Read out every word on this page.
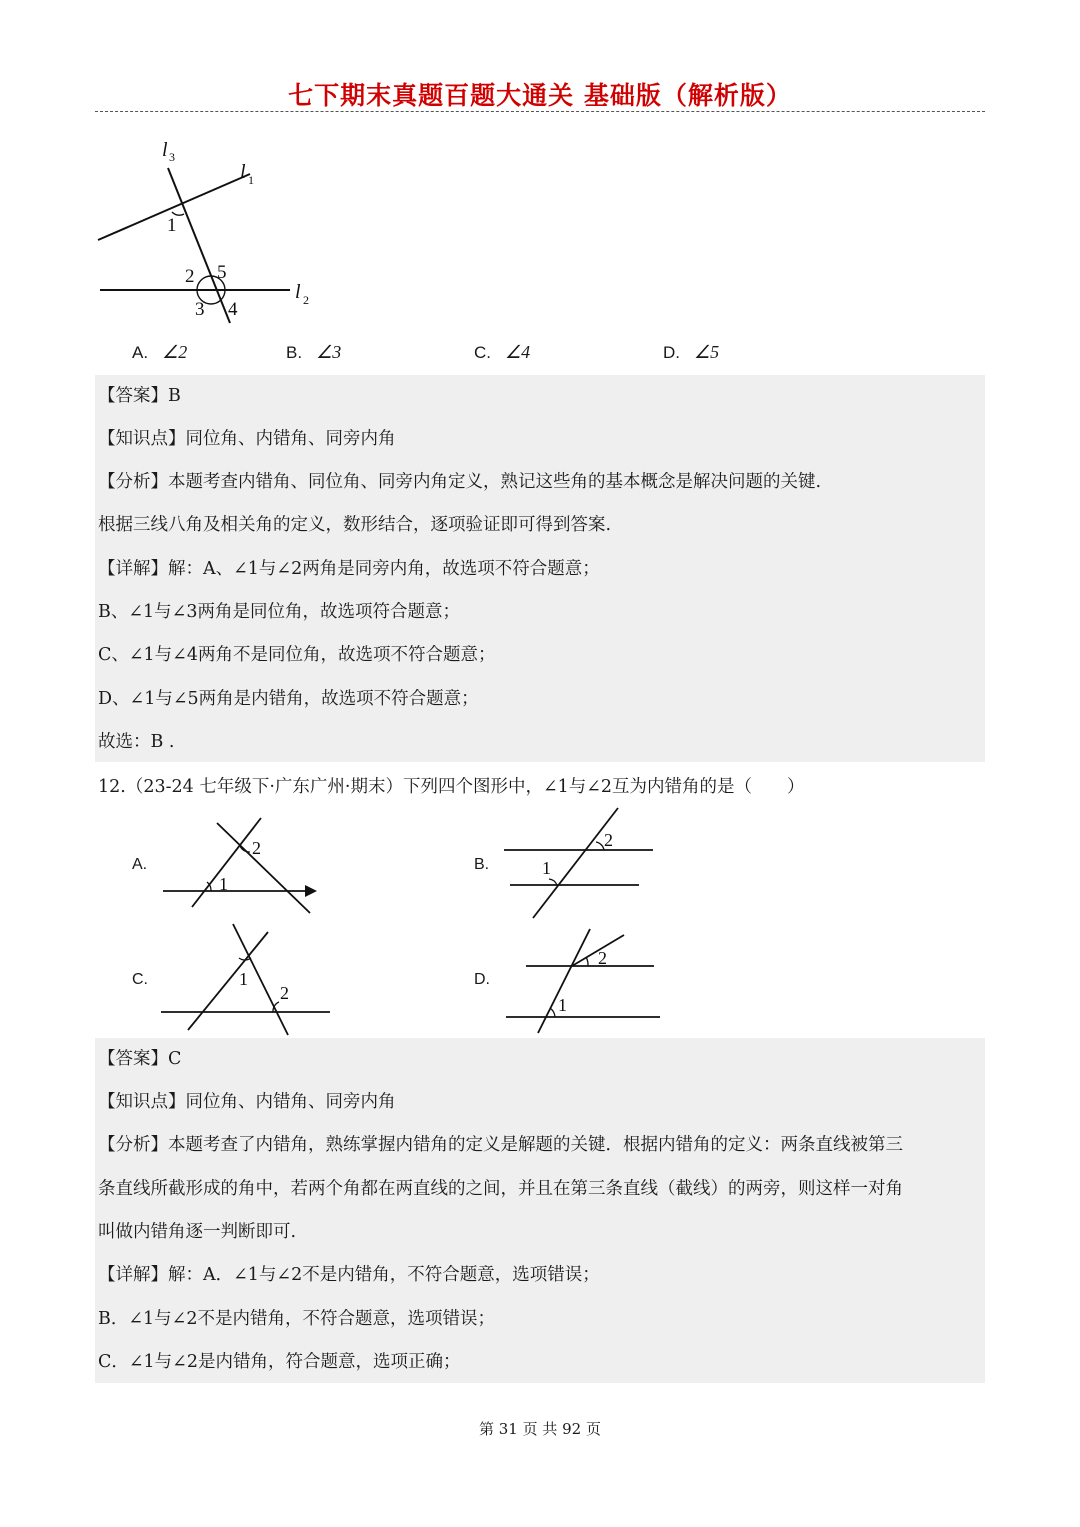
七下期末真题百题大通关 基础版（解析版）
l 3
l 1
l 2
1
2 5
3 4
A. ∠2	B. ∠3	C. ∠4	D. ∠5
【答案】B
【知识点】同位角、内错角、同旁内角
【分析】本题考查内错角、同位角、同旁内角定义，熟记这些角的基本概念是解决问题的关键.
根据三线八角及相关角的定义，数形结合，逐项验证即可得到答案.
【详解】解：A、∠1与∠2两角是同旁内角，故选项不符合题意；
B、∠1与∠3两角是同位角，故选项符合题意；
C、∠1与∠4两角不是同位角，故选项不符合题意；
D、∠1与∠5两角是内错角，故选项不符合题意；
故选：B .
12.（23-24 七年级下·广东广州·期末）下列四个图形中，∠1与∠2互为内错角的是（　　）
A.	B.
C.	D.
1
2	2
1
1
2
2
1
【答案】C
【知识点】同位角、内错角、同旁内角
【分析】本题考查了内错角，熟练掌握内错角的定义是解题的关键．根据内错角的定义：两条直线被第三
条直线所截形成的角中，若两个角都在两直线的之间，并且在第三条直线（截线）的两旁，则这样一对角
叫做内错角逐一判断即可.
【详解】解：A．∠1与∠2不是内错角，不符合题意，选项错误；
B．∠1与∠2不是内错角，不符合题意，选项错误；
C．∠1与∠2是内错角，符合题意，选项正确；
第 31 页 共 92 页
